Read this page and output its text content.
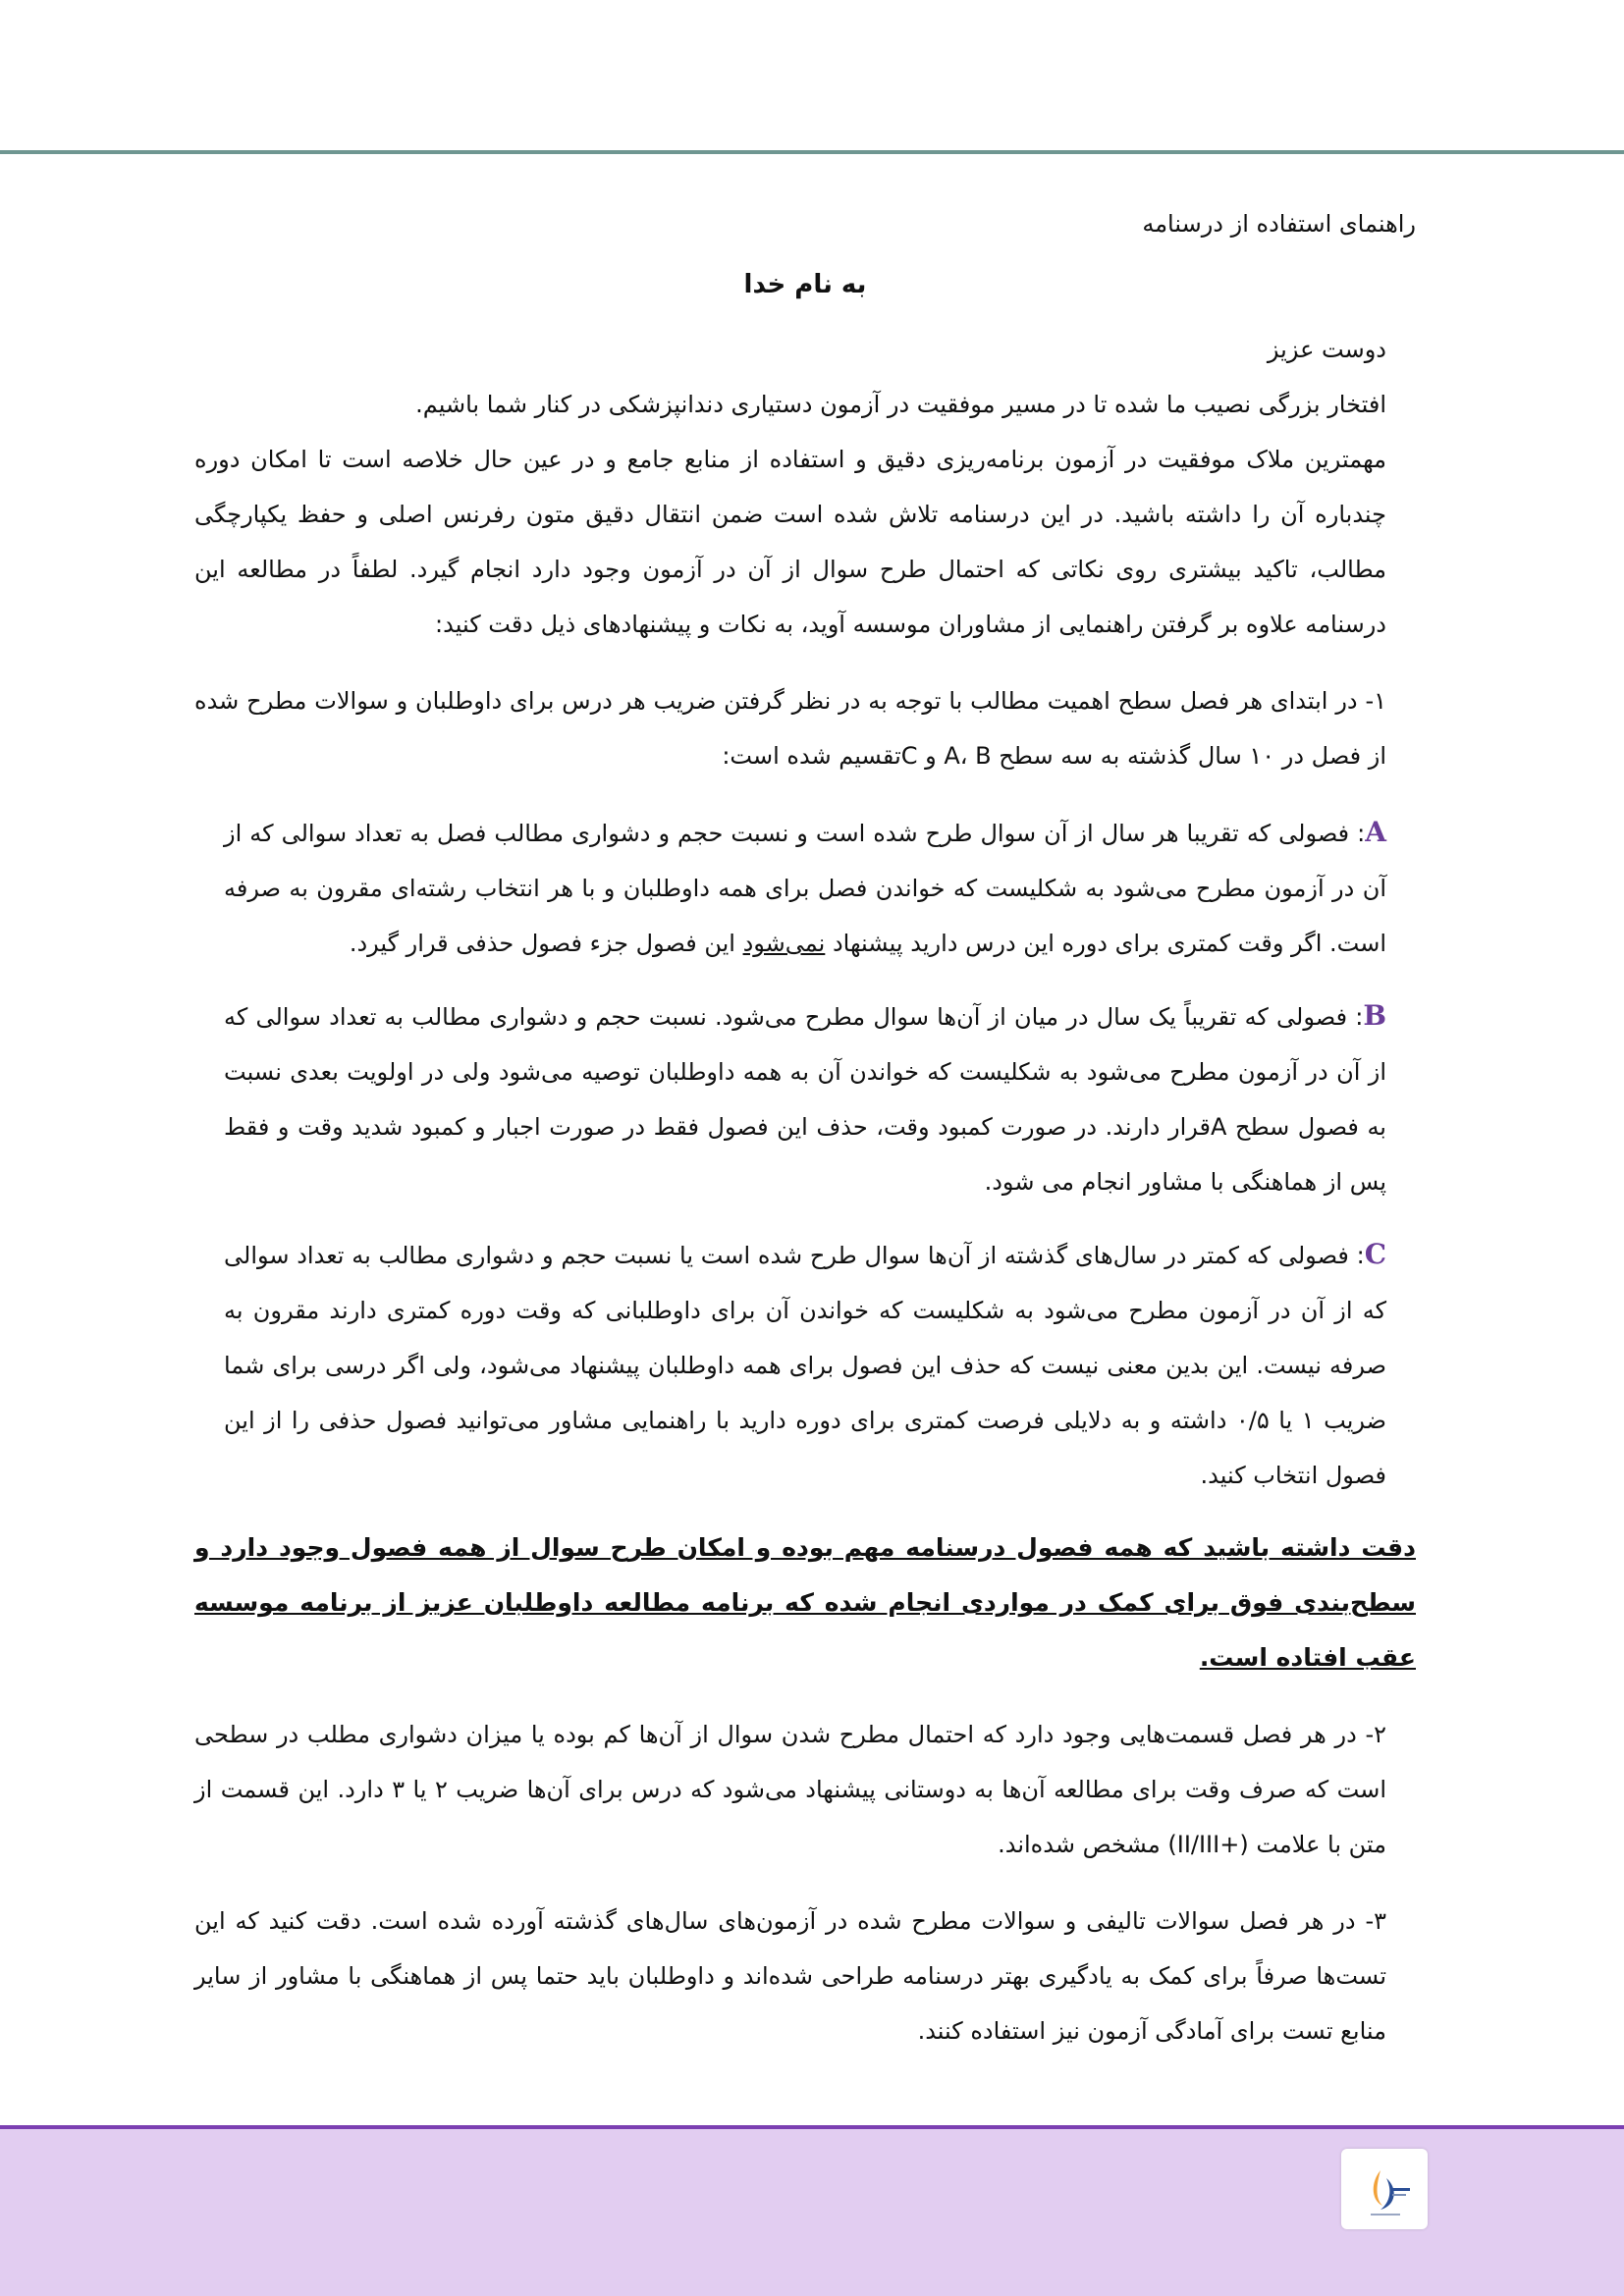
راهنمای استفاده از درسنامه

به نام خدا

دوست عزیز

افتخار بزرگی نصیب ما شده تا در مسیر موفقیت در آزمون دستیاری دندانپزشکی در کنار شما باشیم.

مهمترین ملاک موفقیت در آزمون برنامه‌ریزی دقیق و استفاده از منابع جامع و در عین حال خلاصه است تا امکان دوره چندباره آن را داشته باشید. در این درسنامه تلاش شده است ضمن انتقال دقیق متون رفرنس اصلی و حفظ یکپارچگی مطالب، تاکید بیشتری روی نکاتی که احتمال طرح سوال از آن در آزمون وجود دارد انجام گیرد. لطفاً در مطالعه این درسنامه علاوه بر گرفتن راهنمایی از مشاوران موسسه آوید، به نکات و پیشنهادهای ذیل دقت کنید:

۱- در ابتدای هر فصل سطح اهمیت مطالب با توجه به در نظر گرفتن ضریب هر درس برای داوطلبان و سوالات مطرح شده از فصل در ۱۰ سال گذشته به سه سطح A، B و Cتقسیم شده است:

A: فصولی که تقریبا هر سال از آن سوال طرح شده است و نسبت حجم و دشواری مطالب فصل به تعداد سوالی که از آن در آزمون مطرح می‌شود به شکلیست که خواندن فصل برای همه داوطلبان و با هر انتخاب رشته‌ای مقرون به صرفه است. اگر وقت کمتری برای دوره این درس دارید پیشنهاد نمی‌شود این فصول جزء فصول حذفی قرار گیرد.

B: فصولی که تقریباً یک سال در میان از آن‌ها سوال مطرح می‌شود. نسبت حجم و دشواری مطالب به تعداد سوالی که از آن در آزمون مطرح می‌شود به شکلیست که خواندن آن به همه داوطلبان توصیه می‌شود ولی در اولویت بعدی نسبت به فصول سطح Aقرار دارند. در صورت کمبود وقت، حذف این فصول فقط در صورت اجبار و کمبود شدید وقت و فقط پس از هماهنگی با مشاور انجام می شود.

C: فصولی که کمتر در سال‌های گذشته از آن‌ها سوال طرح شده است یا نسبت حجم و دشواری مطالب به تعداد سوالی که از آن در آزمون مطرح می‌شود به شکلیست که خواندن آن برای داوطلبانی که وقت دوره کمتری دارند مقرون به صرفه نیست. این بدین معنی نیست که حذف این فصول برای همه داوطلبان پیشنهاد می‌شود، ولی اگر درسی برای شما ضریب ۱ یا ۰/۵ داشته و به دلایلی فرصت کمتری برای دوره دارید با راهنمایی مشاور می‌توانید فصول حذفی را از این فصول انتخاب کنید.

دقت داشته باشید که همه فصول درسنامه مهم بوده و امکان طرح سوال از همه فصول وجود دارد و سطح‌بندی فوق برای کمک در مواردی انجام شده که برنامه مطالعه داوطلبان عزیز از برنامه موسسه عقب افتاده است.

۲- در هر فصل قسمت‌هایی وجود دارد که احتمال مطرح شدن سوال از آن‌ها کم بوده یا میزان دشواری مطلب در سطحی است که صرف وقت برای مطالعه آن‌ها به دوستانی پیشنهاد می‌شود که درس برای آن‌ها ضریب ۲ یا ۳ دارد. این قسمت از متن با علامت (+II/III) مشخص شده‌اند.

۳- در هر فصل سوالات تالیفی و سوالات مطرح شده در آزمون‌های سال‌های گذشته آورده شده است. دقت کنید که این تست‌ها صرفاً برای کمک به یادگیری بهتر درسنامه طراحی شده‌اند و داوطلبان باید حتما پس از هماهنگی با مشاور از سایر منابع تست برای آمادگی آزمون نیز استفاده کنند.
